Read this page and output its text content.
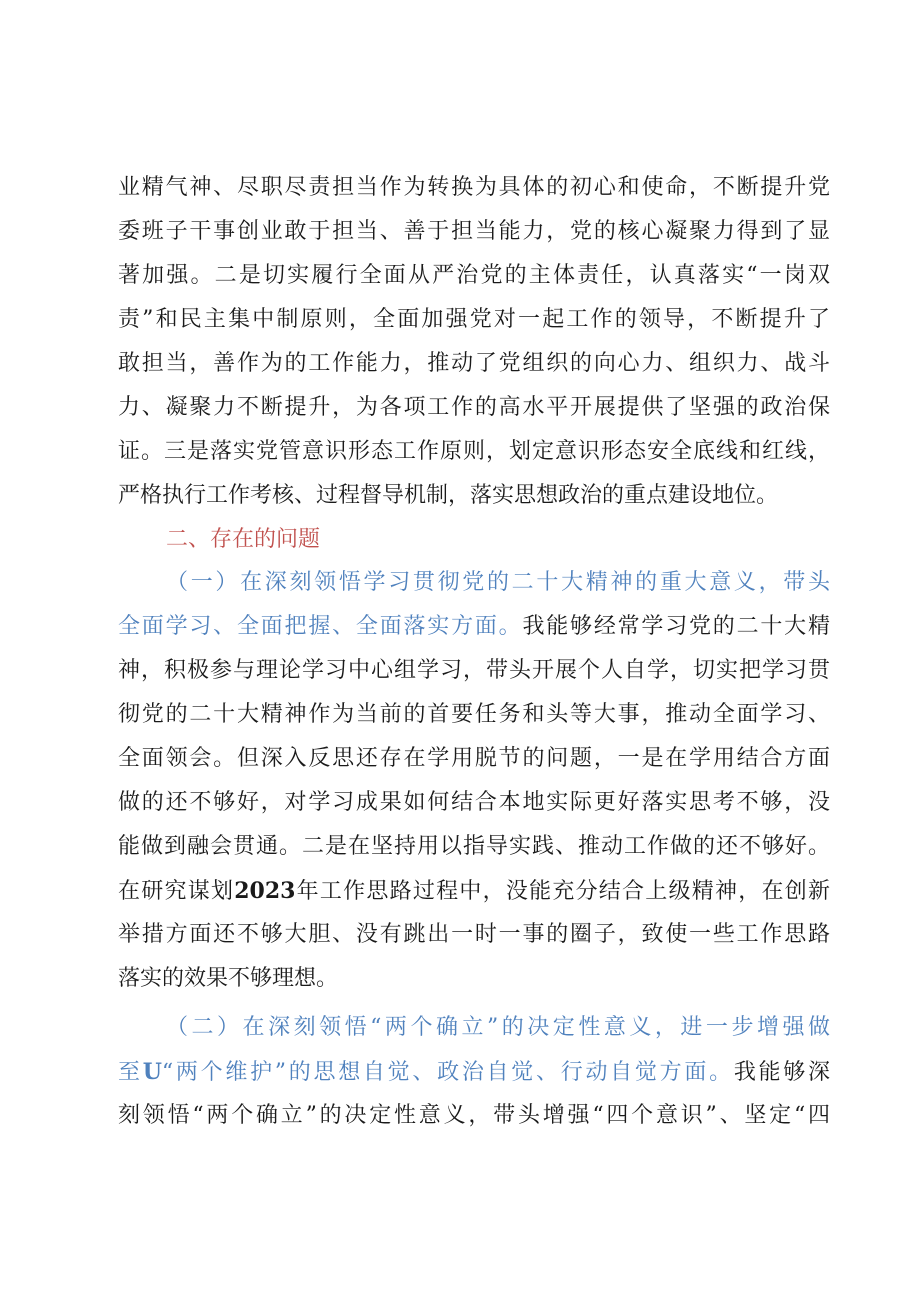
业精气神、尽职尽责担当作为转换为具体的初心和使命，不断提升党
委班子干事创业敢于担当、善于担当能力，党的核心凝聚力得到了显
著加强。二是切实履行全面从严治党的主体责任，认真落实“一岗双
责”和民主集中制原则，全面加强党对一起工作的领导，不断提升了
敢担当，善作为的工作能力，推动了党组织的向心力、组织力、战斗
力、凝聚力不断提升，为各项工作的高水平开展提供了坚强的政治保
证。三是落实党管意识形态工作原则，划定意识形态安全底线和红线，
严格执行工作考核、过程督导机制，落实思想政治的重点建设地位。
二、存在的问题
（一）在深刻领悟学习贯彻党的二十大精神的重大意义，带头
全面学习、全面把握、全面落实方面。我能够经常学习党的二十大精
神，积极参与理论学习中心组学习，带头开展个人自学，切实把学习贯
彻党的二十大精神作为当前的首要任务和头等大事，推动全面学习、
全面领会。但深入反思还存在学用脱节的问题，一是在学用结合方面
做的还不够好，对学习成果如何结合本地实际更好落实思考不够，没
能做到融会贯通。二是在坚持用以指导实践、推动工作做的还不够好。
在研究谋划2023年工作思路过程中，没能充分结合上级精神，在创新
举措方面还不够大胆、没有跳出一时一事的圈子，致使一些工作思路
落实的效果不够理想。
（二）在深刻领悟“两个确立”的决定性意义，进一步增强做
至U“两个维护”的思想自觉、政治自觉、行动自觉方面。我能够深
刻领悟“两个确立”的决定性意义，带头增强“四个意识”、坚定“四
